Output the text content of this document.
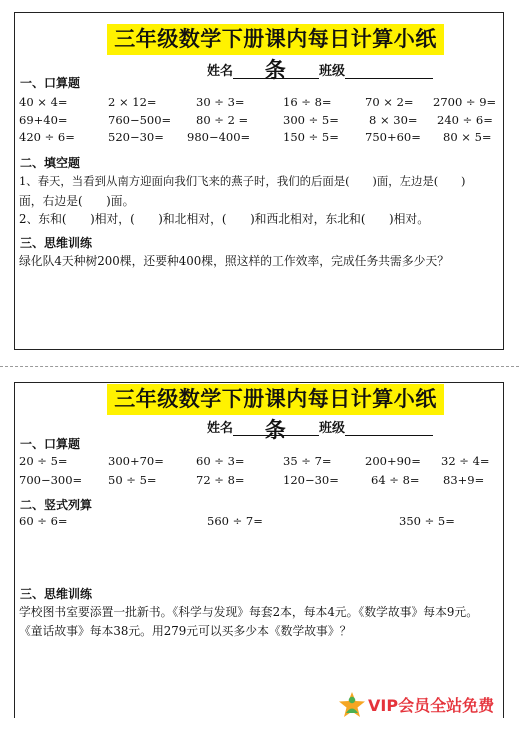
三年级数学下册课内每日计算小纸条
姓名	班级
一、口算题
40 × 4=	2 × 12=	30 ÷ 3=	16 ÷ 8=	70 × 2= 2700 ÷ 9=
69+40=	760−500= 80 ÷ 2 =	300 ÷ 5=	8 × 30= 240 ÷ 6=
420 ÷ 6=	520−30= 980−400=	150 ÷ 5= 750+60= 80 × 5=
二、填空题
1、春天，当看到从南方迎面向我们飞来的燕子时，我们的后面是(　　)面，左边是(　　)
面，右边是(　　)面。
2、东和(　　)相对，(　　)和北相对，(　　)和西北相对，东北和(　　)相对。
三、思维训练
绿化队4天种树200棵，还要种400棵，照这样的工作效率，完成任务共需多少天？
三年级数学下册课内每日计算小纸条
姓名	班级
一、口算题
20 ÷ 5=	300+70=	60 ÷ 3=	35 ÷ 7=	200+90= 32 ÷ 4=
700−300= 50 ÷ 5=	72 ÷ 8=	120−30=	64 ÷ 8= 83+9=
二、竖式列算
60 ÷ 6=	560 ÷ 7=	350 ÷ 5=
三、思维训练
学校图书室要添置一批新书。《科学与发现》每套2本，每本4元。《数学故事》每本9元。
《童话故事》每本38元。用279元可以买多少本《数学故事》？
VIP会员全站免费
